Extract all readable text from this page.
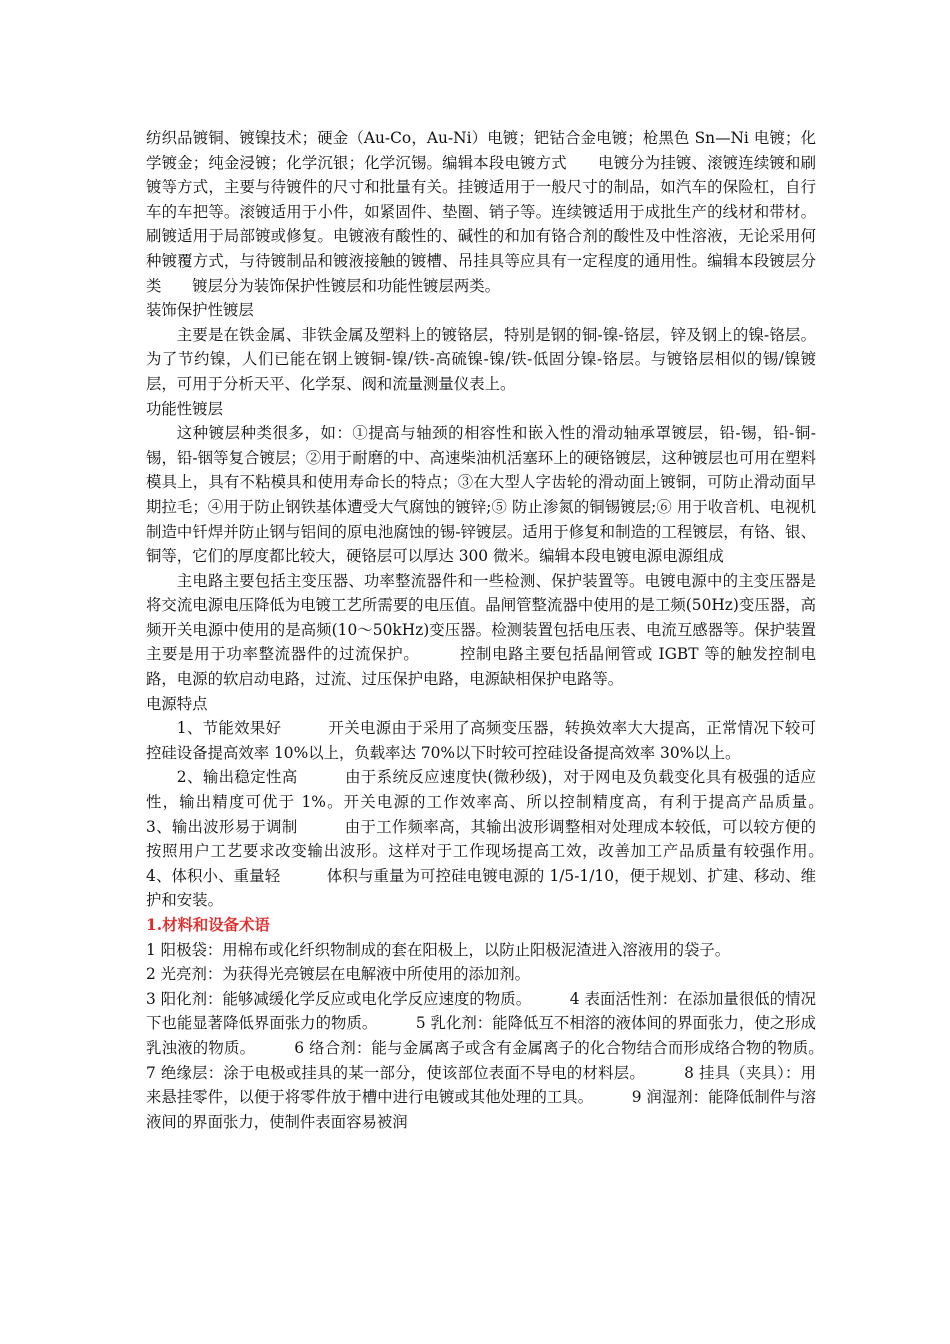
纺织品镀铜、镀镍技术；硬金（Au-Co，Au-Ni）电镀；钯钴合金电镀；枪黑色 Sn—Ni 电镀；化学镀金；纯金浸镀；化学沉银；化学沉锡。编辑本段电镀方式　　电镀分为挂镀、滚镀连续镀和刷镀等方式，主要与待镀件的尺寸和批量有关。挂镀适用于一般尺寸的制品，如汽车的保险杠，自行车的车把等。滚镀适用于小件，如紧固件、垫圈、销子等。连续镀适用于成批生产的线材和带材。刷镀适用于局部镀或修复。电镀液有酸性的、碱性的和加有铬合剂的酸性及中性溶液，无论采用何种镀覆方式，与待镀制品和镀液接触的镀槽、吊挂具等应具有一定程度的通用性。编辑本段镀层分类　　镀层分为装饰保护性镀层和功能性镀层两类。

装饰保护性镀层

主要是在铁金属、非铁金属及塑料上的镀铬层，特别是钢的铜-镍-铬层，锌及钢上的镍-铬层。为了节约镍，人们已能在钢上镀铜-镍/铁-高硫镍-镍/铁-低固分镍-铬层。与镀铬层相似的锡/镍镀层，可用于分析天平、化学泵、阀和流量测量仪表上。

功能性镀层

这种镀层种类很多，如：①提高与轴颈的相容性和嵌入性的滑动轴承罩镀层，铅-锡，铅-铜-锡，铅-铟等复合镀层；②用于耐磨的中、高速柴油机活塞环上的硬铬镀层，这种镀层也可用在塑料模具上，具有不粘模具和使用寿命长的特点；③在大型人字齿轮的滑动面上镀铜，可防止滑动面早期拉毛；④用于防止钢铁基体遭受大气腐蚀的镀锌;⑤ 防止渗氮的铜锡镀层;⑥ 用于收音机、电视机制造中钎焊并防止钢与铝间的原电池腐蚀的锡-锌镀层。适用于修复和制造的工程镀层，有铬、银、铜等，它们的厚度都比较大，硬铬层可以厚达 300 微米。编辑本段电镀电源电源组成

主电路主要包括主变压器、功率整流器件和一些检测、保护装置等。电镀电源中的主变压器是将交流电源电压降低为电镀工艺所需要的电压值。晶闸管整流器中使用的是工频(50Hz)变压器，高频开关电源中使用的是高频(10～50kHz)变压器。检测装置包括电压表、电流互感器等。保护装置主要是用于功率整流器件的过流保护。　　　控制电路主要包括晶闸管或 IGBT 等的触发控制电路，电源的软启动电路，过流、过压保护电路，电源缺相保护电路等。

电源特点

1、节能效果好　　　开关电源由于采用了高频变压器，转换效率大大提高，正常情况下较可控硅设备提高效率 10%以上，负载率达 70%以下时较可控硅设备提高效率 30%以上。

2、输出稳定性高　　　由于系统反应速度快(微秒级)，对于网电及负载变化具有极强的适应性，输出精度可优于 1%。开关电源的工作效率高、所以控制精度高，有利于提高产品质量。　　　3、输出波形易于调制　　　由于工作频率高，其输出波形调整相对处理成本较低，可以较方便的按照用户工艺要求改变输出波形。这样对于工作现场提高工效，改善加工产品质量有较强作用。　　　4、体积小、重量轻　　　体积与重量为可控硅电镀电源的 1/5-1/10，便于规划、扩建、移动、维护和安装。

1.材料和设备术语

1 阳极袋：用棉布或化纤织物制成的套在阳极上，以防止阳极泥渣进入溶液用的袋子。

2 光亮剂：为获得光亮镀层在电解液中所使用的添加剂。

3 阳化剂：能够减缓化学反应或电化学反应速度的物质。　　　4 表面活性剂：在添加量很低的情况下也能显著降低界面张力的物质。　　　5 乳化剂：能降低互不相溶的液体间的界面张力，使之形成乳浊液的物质。　　　6 络合剂：能与金属离子或含有金属离子的化合物结合而形成络合物的物质。　　　7 绝缘层：涂于电极或挂具的某一部分，使该部位表面不导电的材料层。　　　8 挂具（夹具）：用来悬挂零件，以便于将零件放于槽中进行电镀或其他处理的工具。　　　9 润湿剂：能降低制件与溶液间的界面张力，使制件表面容易被润
